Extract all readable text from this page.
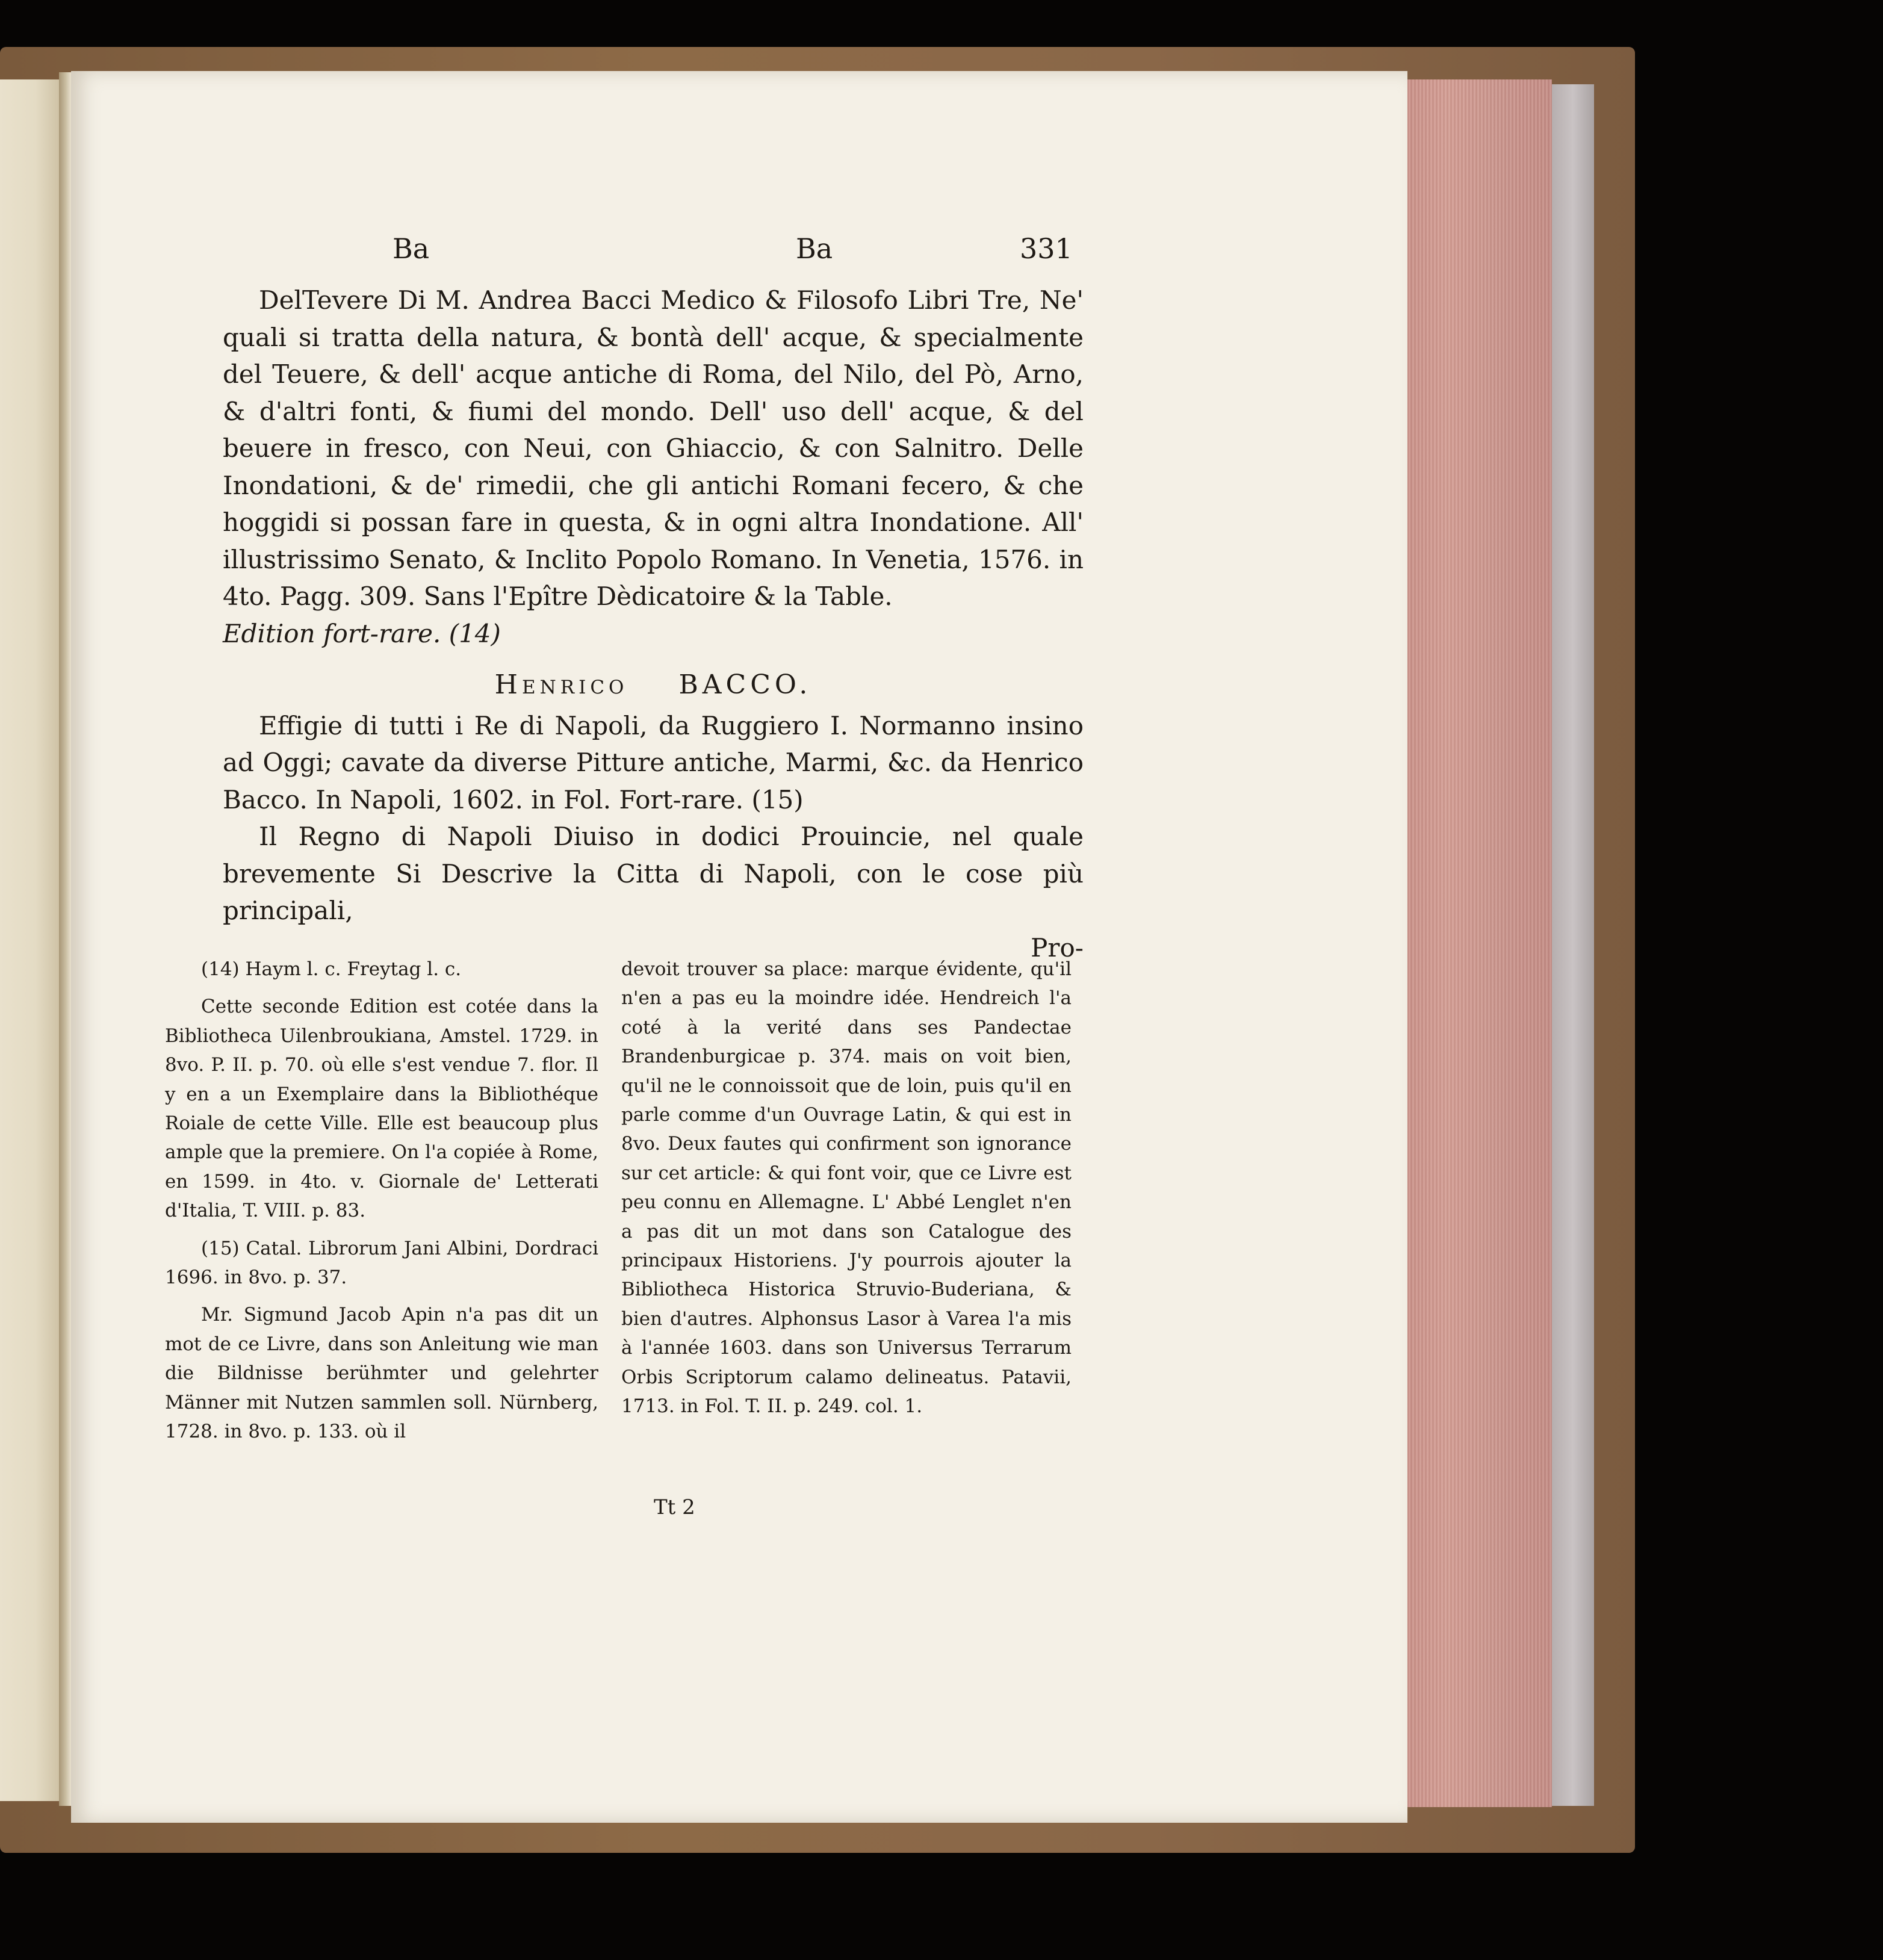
Ba	Ba	331

DelTevere Di M. Andrea Bacci Medico & Filosofo Libri Tre, Ne' quali si tratta della natura, & bontà dell' acque, & specialmente del Teuere, & dell' acque antiche di Roma, del Nilo, del Pò, Arno, & d'altri fonti, & fiumi del mondo. Dell' uso dell' acque, & del beuere in fresco, con Neui, con Ghiaccio, & con Salnitro. Delle Inondationi, & de' rimedii, che gli antichi Romani fecero, & che hoggidi si possan fare in questa, & in ogni altra Inondatione. All' illustrissimo Senato, & Inclito Popolo Romano. In Venetia, 1576. in 4to. Pagg. 309. Sans l'Epître Dèdicatoire & la Table.
Edition fort-rare. (14)

Henrico BACCO.

Effigie di tutti i Re di Napoli, da Ruggiero I. Normanno insino ad Oggi; cavate da diverse Pitture antiche, Marmi, &c. da Henrico Bacco. In Napoli, 1602. in Fol. Fort-rare. (15)

Il Regno di Napoli Diuiso in dodici Prouincie, nel quale brevemente Si Descrive la Citta di Napoli, con le cose più principali,

Pro-

(14) Haym l. c. Freytag l. c.

Cette seconde Edition est cotée dans la Bibliotheca Uilenbroukiana, Amstel. 1729. in 8vo. P. II. p. 70. où elle s'est vendue 7. flor. Il y en a un Exemplaire dans la Bibliothéque Roiale de cette Ville. Elle est beaucoup plus ample que la premiere. On l'a copiée à Rome, en 1599. in 4to. v. Giornale de' Letterati d'Italia, T. VIII. p. 83.

(15) Catal. Librorum Jani Albini, Dordraci 1696. in 8vo. p. 37.

Mr. Sigmund Jacob Apin n'a pas dit un mot de ce Livre, dans son Anleitung wie man die Bildnisse berühmter und gelehrter Männer mit Nutzen sammlen soll. Nürnberg, 1728. in 8vo. p. 133. où il

devoit trouver sa place: marque évidente, qu'il n'en a pas eu la moindre idée. Hendreich l'a coté à la verité dans ses Pandectae Brandenburgicae p. 374. mais on voit bien, qu'il ne le connoissoit que de loin, puis qu'il en parle comme d'un Ouvrage Latin, & qui est in 8vo. Deux fautes qui confirment son ignorance sur cet article: & qui font voir, que ce Livre est peu connu en Allemagne. L' Abbé Lenglet n'en a pas dit un mot dans son Catalogue des principaux Historiens. J'y pourrois ajouter la Bibliotheca Historica Struvio-Buderiana, & bien d'autres. Alphonsus Lasor à Varea l'a mis à l'année 1603. dans son Universus Terrarum Orbis Scriptorum calamo delineatus. Patavii, 1713. in Fol. T. II. p. 249. col. 1.

Tt 2
